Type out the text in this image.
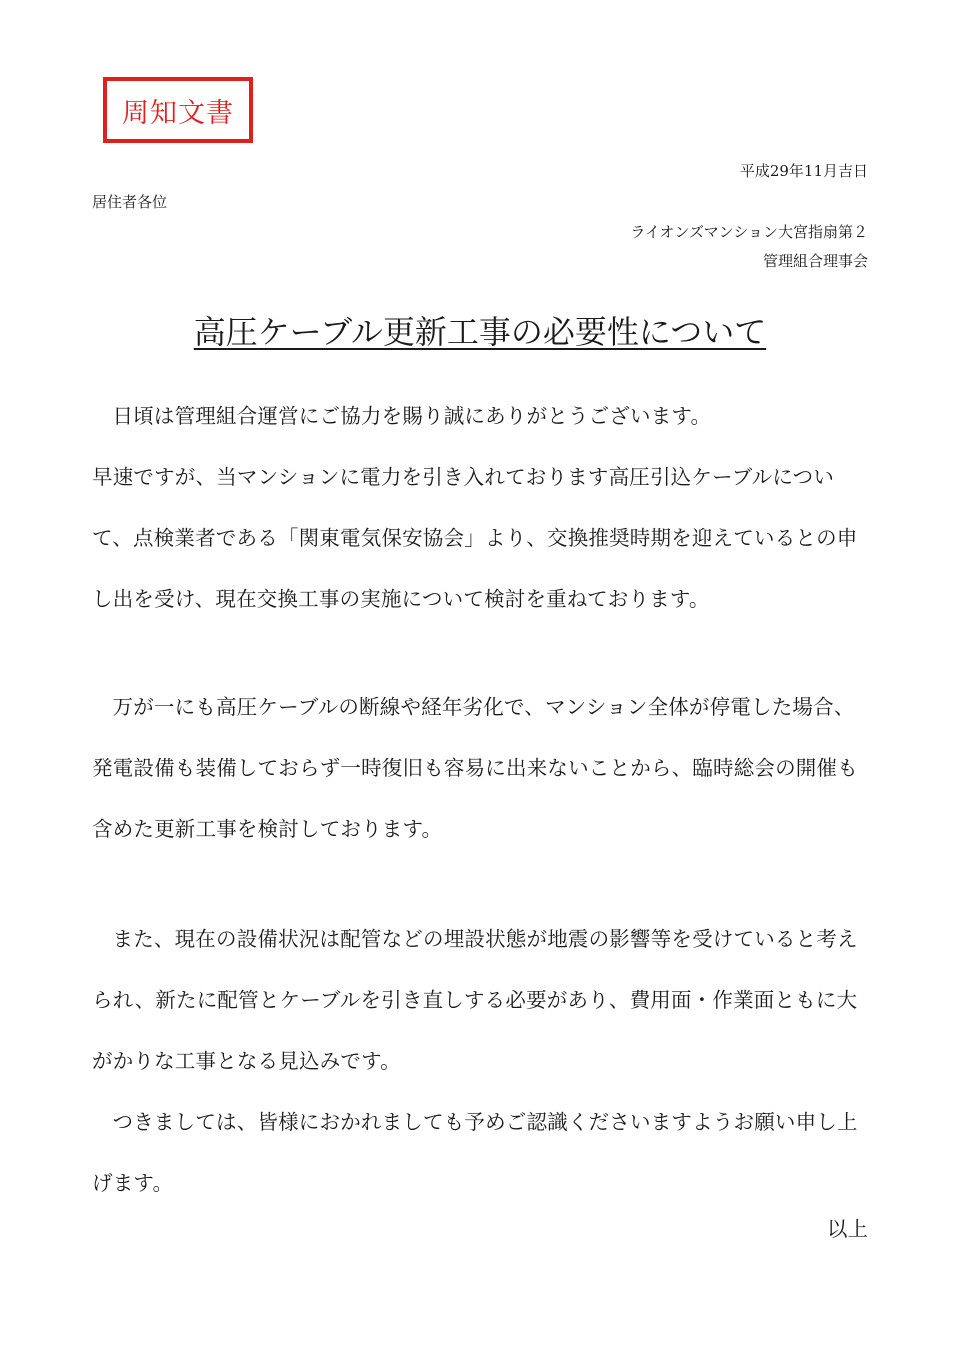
周知文書
平成29年11月吉日
居住者各位
ライオンズマンション大宮指扇第２
管理組合理事会
高圧ケーブル更新工事の必要性について

日頃は管理組合運営にご協力を賜り誠にありがとうございます。

早速ですが、当マンションに電力を引き入れております高圧引込ケーブルについて、点検業者である「関東電気保安協会」より、交換推奨時期を迎えているとの申し出を受け、現在交換工事の実施について検討を重ねております。

万が一にも高圧ケーブルの断線や経年劣化で、マンション全体が停電した場合、発電設備も装備しておらず一時復旧も容易に出来ないことから、臨時総会の開催も含めた更新工事を検討しております。

また、現在の設備状況は配管などの埋設状態が地震の影響等を受けていると考えられ、新たに配管とケーブルを引き直しする必要があり、費用面・作業面ともに大がかりな工事となる見込みです。

つきましては、皆様におかれましても予めご認識くださいますようお願い申し上げます。

以上
